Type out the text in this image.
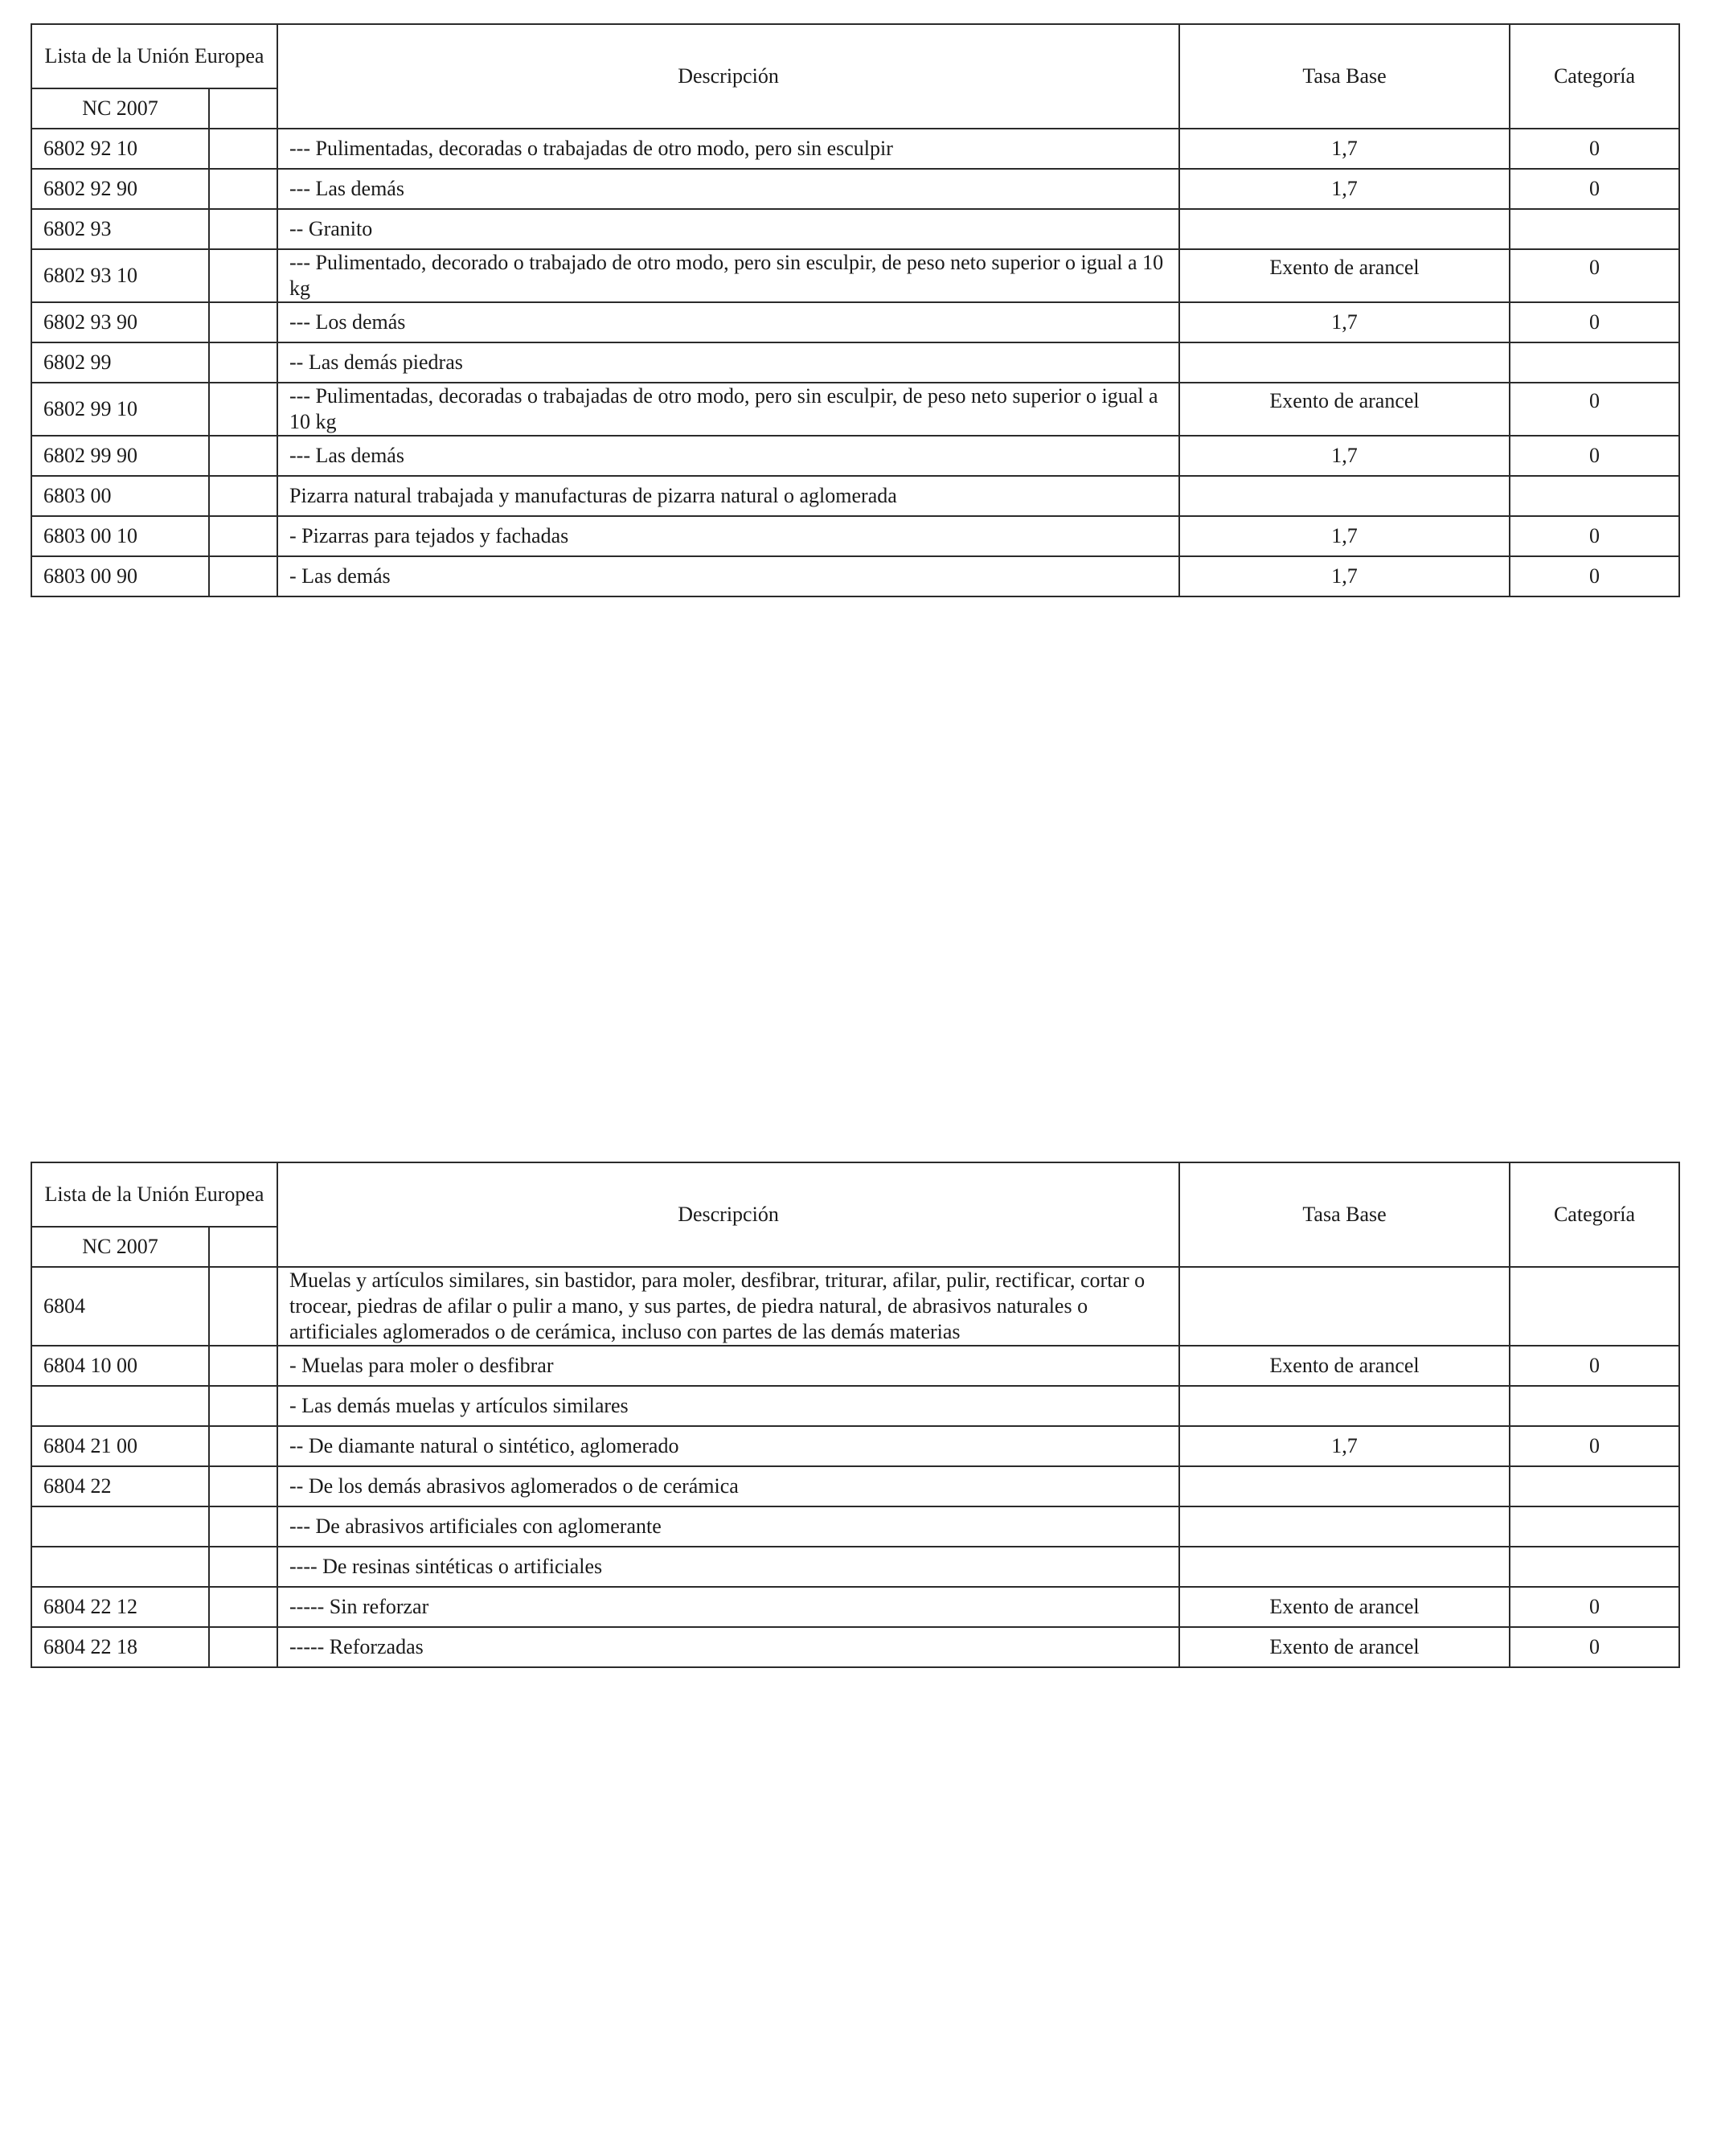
Lista de la Unión Europea		Descripción	Tasa Base	Categoría
NC 2007				
6802 92 10		--- Pulimentadas, decoradas o trabajadas de otro modo, pero sin esculpir	1,7	0
6802 92 90		--- Las demás	1,7	0
6802 93		-- Granito		
6802 93 10		--- Pulimentado, decorado o trabajado de otro modo, pero sin esculpir, de peso neto superior o igual a 10 kg	Exento de arancel	0
6802 93 90		--- Los demás	1,7	0
6802 99		-- Las demás piedras		
6802 99 10		--- Pulimentadas, decoradas o trabajadas de otro modo, pero sin esculpir, de peso neto superior o igual a 10 kg	Exento de arancel	0
6802 99 90		--- Las demás	1,7	0
6803 00		Pizarra natural trabajada y manufacturas de pizarra natural o aglomerada		
6803 00 10		- Pizarras para tejados y fachadas	1,7	0
6803 00 90		- Las demás	1,7	0
Lista de la Unión Europea		Descripción	Tasa Base	Categoría
NC 2007				
6804		Muelas y artículos similares, sin bastidor, para moler, desfibrar, triturar, afilar, pulir, rectificar, cortar o trocear, piedras de afilar o pulir a mano, y sus partes, de piedra natural, de abrasivos naturales o artificiales aglomerados o de cerámica, incluso con partes de las demás materias		
6804 10 00		- Muelas para moler o desfibrar	Exento de arancel	0
		- Las demás muelas y artículos similares		
6804 21 00		-- De diamante natural o sintético, aglomerado	1,7	0
6804 22		-- De los demás abrasivos aglomerados o de cerámica		
		--- De abrasivos artificiales con aglomerante		
		---- De resinas sintéticas o artificiales		
6804 22 12		----- Sin reforzar	Exento de arancel	0
6804 22 18		----- Reforzadas	Exento de arancel	0
